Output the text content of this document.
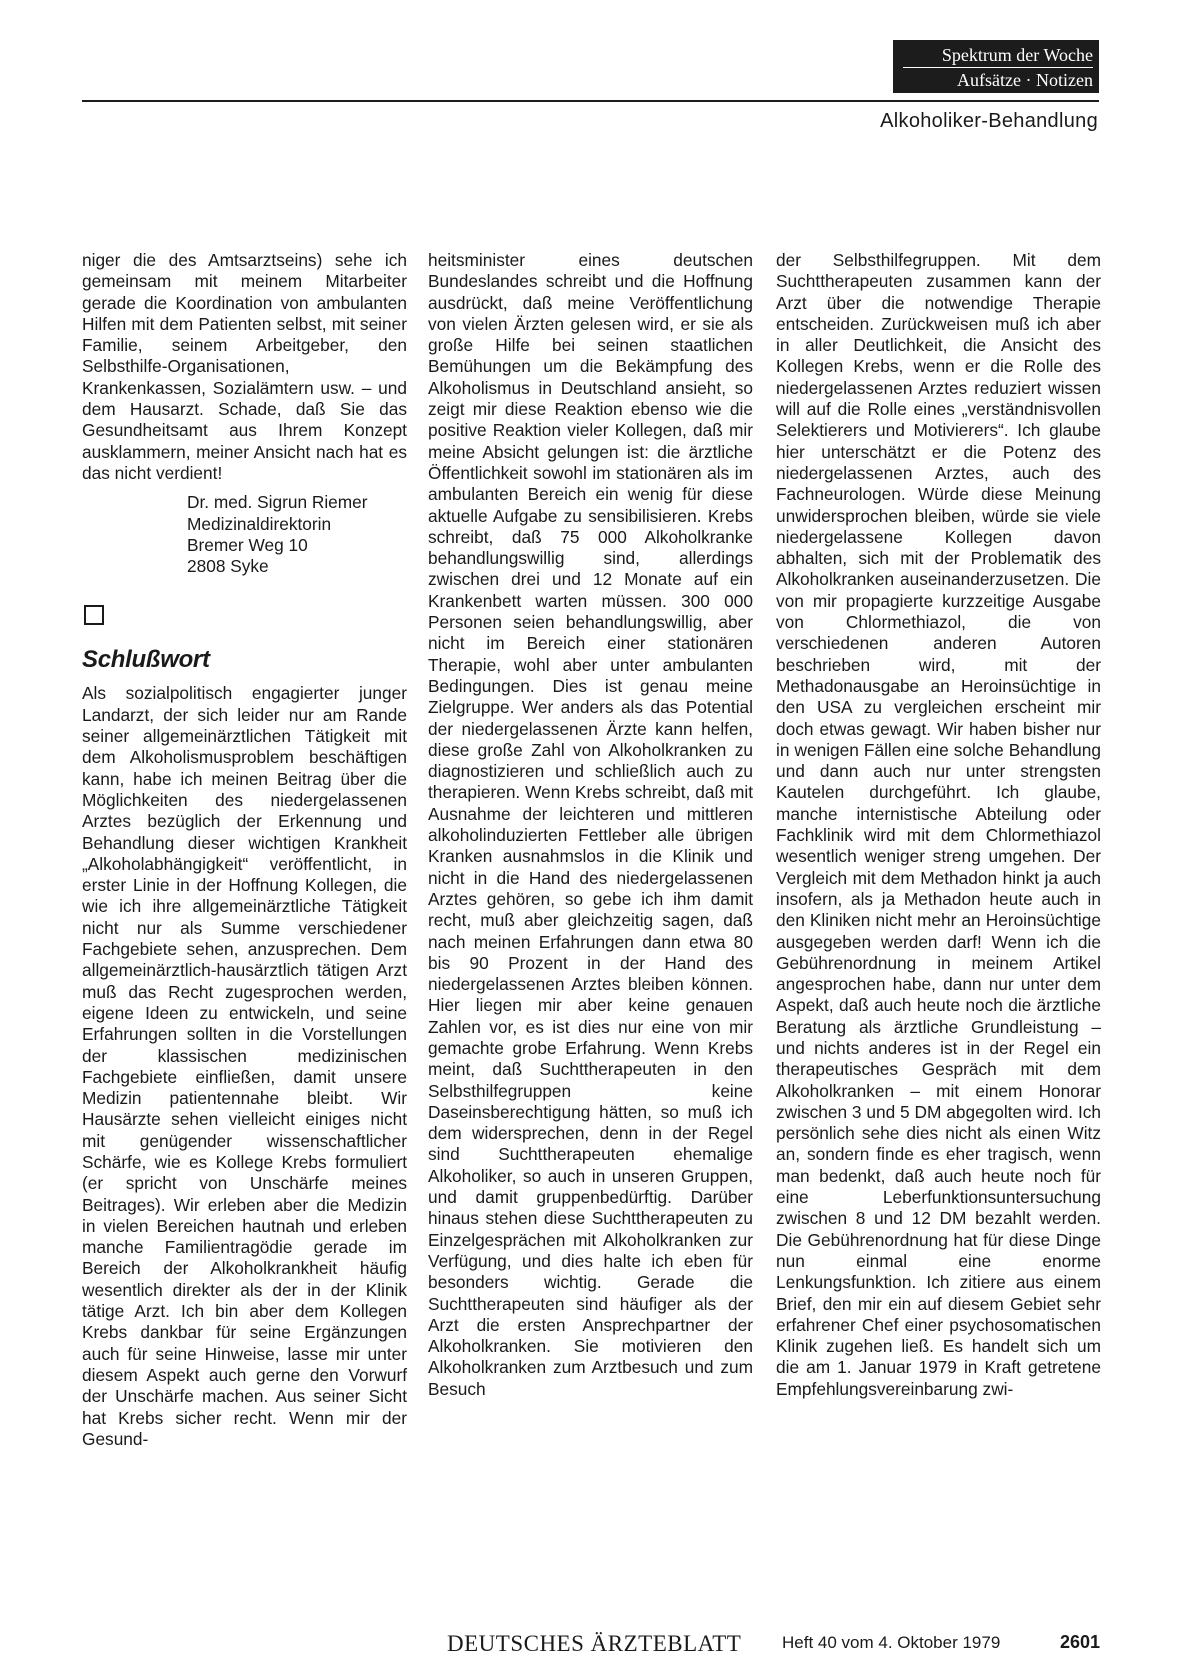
Spektrum der Woche
Aufsätze · Notizen
Alkoholiker-Behandlung

niger die des Amtsarztseins) sehe ich gemeinsam mit meinem Mitarbeiter gerade die Koordination von ambulanten Hilfen mit dem Patienten selbst, mit seiner Familie, seinem Arbeitgeber, den Selbsthilfe-Organisationen, Krankenkassen, Sozialämtern usw. – und dem Hausarzt. Schade, daß Sie das Gesundheitsamt aus Ihrem Konzept ausklammern, meiner Ansicht nach hat es das nicht verdient!

Dr. med. Sigrun Riemer
Medizinaldirektorin
Bremer Weg 10
2808 Syke
Schlußwort

Als sozialpolitisch engagierter junger Landarzt, der sich leider nur am Rande seiner allgemeinärztlichen Tätigkeit mit dem Alkoholismusproblem beschäftigen kann, habe ich meinen Beitrag über die Möglichkeiten des niedergelassenen Arztes bezüglich der Erkennung und Behandlung dieser wichtigen Krankheit „Alkoholabhängigkeit“ veröffentlicht, in erster Linie in der Hoffnung Kollegen, die wie ich ihre allgemeinärztliche Tätigkeit nicht nur als Summe verschiedener Fachgebiete sehen, anzusprechen. Dem allgemeinärztlich-hausärztlich tätigen Arzt muß das Recht zugesprochen werden, eigene Ideen zu entwickeln, und seine Erfahrungen sollten in die Vorstellungen der klassischen medizinischen Fachgebiete einfließen, damit unsere Medizin patientennahe bleibt. Wir Hausärzte sehen vielleicht einiges nicht mit genügender wissenschaftlicher Schärfe, wie es Kollege Krebs formuliert (er spricht von Unschärfe meines Beitrages). Wir erleben aber die Medizin in vielen Bereichen hautnah und erleben manche Familientragödie gerade im Bereich der Alkoholkrankheit häufig wesentlich direkter als der in der Klinik tätige Arzt. Ich bin aber dem Kollegen Krebs dankbar für seine Ergänzungen auch für seine Hinweise, lasse mir unter diesem Aspekt auch gerne den Vorwurf der Unschärfe machen. Aus seiner Sicht hat Krebs sicher recht. Wenn mir der Gesund-

heitsminister eines deutschen Bundeslandes schreibt und die Hoffnung ausdrückt, daß meine Veröffentlichung von vielen Ärzten gelesen wird, er sie als große Hilfe bei seinen staatlichen Bemühungen um die Bekämpfung des Alkoholismus in Deutschland ansieht, so zeigt mir diese Reaktion ebenso wie die positive Reaktion vieler Kollegen, daß mir meine Absicht gelungen ist: die ärztliche Öffentlichkeit sowohl im stationären als im ambulanten Bereich ein wenig für diese aktuelle Aufgabe zu sensibilisieren. Krebs schreibt, daß 75 000 Alkoholkranke behandlungswillig sind, allerdings zwischen drei und 12 Monate auf ein Krankenbett warten müssen. 300 000 Personen seien behandlungswillig, aber nicht im Bereich einer stationären Therapie, wohl aber unter ambulanten Bedingungen. Dies ist genau meine Zielgruppe. Wer anders als das Potential der niedergelassenen Ärzte kann helfen, diese große Zahl von Alkoholkranken zu diagnostizieren und schließlich auch zu therapieren. Wenn Krebs schreibt, daß mit Ausnahme der leichteren und mittleren alkoholinduzierten Fettleber alle übrigen Kranken ausnahmslos in die Klinik und nicht in die Hand des niedergelassenen Arztes gehören, so gebe ich ihm damit recht, muß aber gleichzeitig sagen, daß nach meinen Erfahrungen dann etwa 80 bis 90 Prozent in der Hand des niedergelassenen Arztes bleiben können. Hier liegen mir aber keine genauen Zahlen vor, es ist dies nur eine von mir gemachte grobe Erfahrung. Wenn Krebs meint, daß Suchttherapeuten in den Selbsthilfegruppen keine Daseinsberechtigung hätten, so muß ich dem widersprechen, denn in der Regel sind Suchttherapeuten ehemalige Alkoholiker, so auch in unseren Gruppen, und damit gruppenbedürftig. Darüber hinaus stehen diese Suchttherapeuten zu Einzelgesprächen mit Alkoholkranken zur Verfügung, und dies halte ich eben für besonders wichtig. Gerade die Suchttherapeuten sind häufiger als der Arzt die ersten Ansprechpartner der Alkoholkranken. Sie motivieren den Alkoholkranken zum Arztbesuch und zum Besuch

der Selbsthilfegruppen. Mit dem Suchttherapeuten zusammen kann der Arzt über die notwendige Therapie entscheiden. Zurückweisen muß ich aber in aller Deutlichkeit, die Ansicht des Kollegen Krebs, wenn er die Rolle des niedergelassenen Arztes reduziert wissen will auf die Rolle eines „verständnisvollen Selektierers und Motivierers“. Ich glaube hier unterschätzt er die Potenz des niedergelassenen Arztes, auch des Fachneurologen. Würde diese Meinung unwidersprochen bleiben, würde sie viele niedergelassene Kollegen davon abhalten, sich mit der Problematik des Alkoholkranken auseinanderzusetzen. Die von mir propagierte kurzzeitige Ausgabe von Chlormethiazol, die von verschiedenen anderen Autoren beschrieben wird, mit der Methadonausgabe an Heroinsüchtige in den USA zu vergleichen erscheint mir doch etwas gewagt. Wir haben bisher nur in wenigen Fällen eine solche Behandlung und dann auch nur unter strengsten Kautelen durchgeführt. Ich glaube, manche internistische Abteilung oder Fachklinik wird mit dem Chlormethiazol wesentlich weniger streng umgehen. Der Vergleich mit dem Methadon hinkt ja auch insofern, als ja Methadon heute auch in den Kliniken nicht mehr an Heroinsüchtige ausgegeben werden darf! Wenn ich die Gebührenordnung in meinem Artikel angesprochen habe, dann nur unter dem Aspekt, daß auch heute noch die ärztliche Beratung als ärztliche Grundleistung – und nichts anderes ist in der Regel ein therapeutisches Gespräch mit dem Alkoholkranken – mit einem Honorar zwischen 3 und 5 DM abgegolten wird. Ich persönlich sehe dies nicht als einen Witz an, sondern finde es eher tragisch, wenn man bedenkt, daß auch heute noch für eine Leberfunktionsuntersuchung zwischen 8 und 12 DM bezahlt werden. Die Gebührenordnung hat für diese Dinge nun einmal eine enorme Lenkungsfunktion. Ich zitiere aus einem Brief, den mir ein auf diesem Gebiet sehr erfahrener Chef einer psychosomatischen Klinik zugehen ließ. Es handelt sich um die am 1. Januar 1979 in Kraft getretene Empfehlungsvereinbarung zwi-

DEUTSCHES ÄRZTEBLATT Heft 40 vom 4. Oktober 1979	2601
